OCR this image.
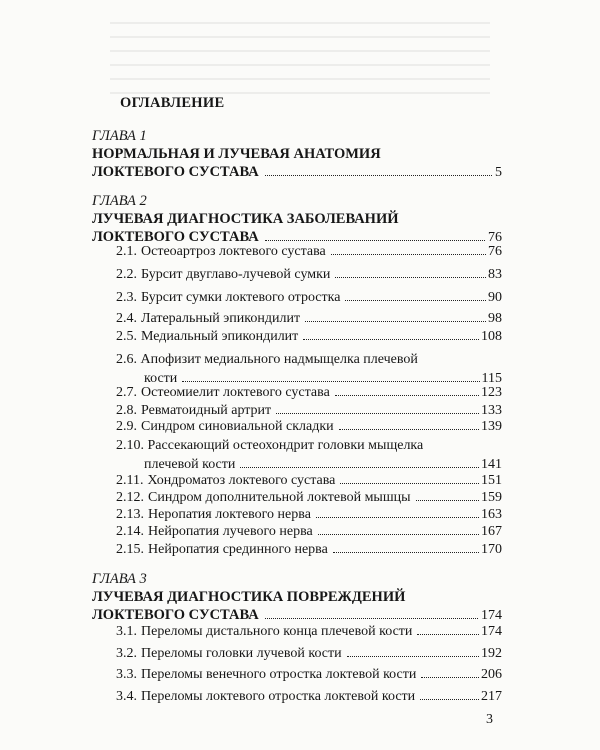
ОГЛАВЛЕНИЕ
ГЛАВА 1
НОРМАЛЬНАЯ И ЛУЧЕВАЯ АНАТОМИЯ
ЛОКТЕВОГО СУСТАВА	5
ГЛАВА 2
ЛУЧЕВАЯ ДИАГНОСТИКА ЗАБОЛЕВАНИЙ
ЛОКТЕВОГО СУСТАВА	76
2.1. Остеоартроз локтевого сустава	76
2.2. Бурсит двуглаво-лучевой сумки	83
2.3. Бурсит сумки локтевого отростка	90
2.4. Латеральный эпикондилит	98
2.5. Медиальный эпикондилит	108
2.6. Апофизит медиального надмыщелка плечевой
кости	115
2.7. Остеомиелит локтевого сустава	123
2.8. Ревматоидный артрит	133
2.9. Синдром синовиальной складки	139
2.10. Рассекающий остеохондрит головки мыщелка
плечевой кости	141
2.11. Хондроматоз локтевого сустава	151
2.12. Синдром дополнительной локтевой мышцы	159
2.13. Неропатия локтевого нерва	163
2.14. Нейропатия лучевого нерва	167
2.15. Нейропатия срединного нерва	170
ГЛАВА 3
ЛУЧЕВАЯ ДИАГНОСТИКА ПОВРЕЖДЕНИЙ
ЛОКТЕВОГО СУСТАВА	174
3.1. Переломы дистального конца плечевой кости	174
3.2. Переломы головки лучевой кости	192
3.3. Переломы венечного отростка локтевой кости	206
3.4. Переломы локтевого отростка локтевой кости	217
3
